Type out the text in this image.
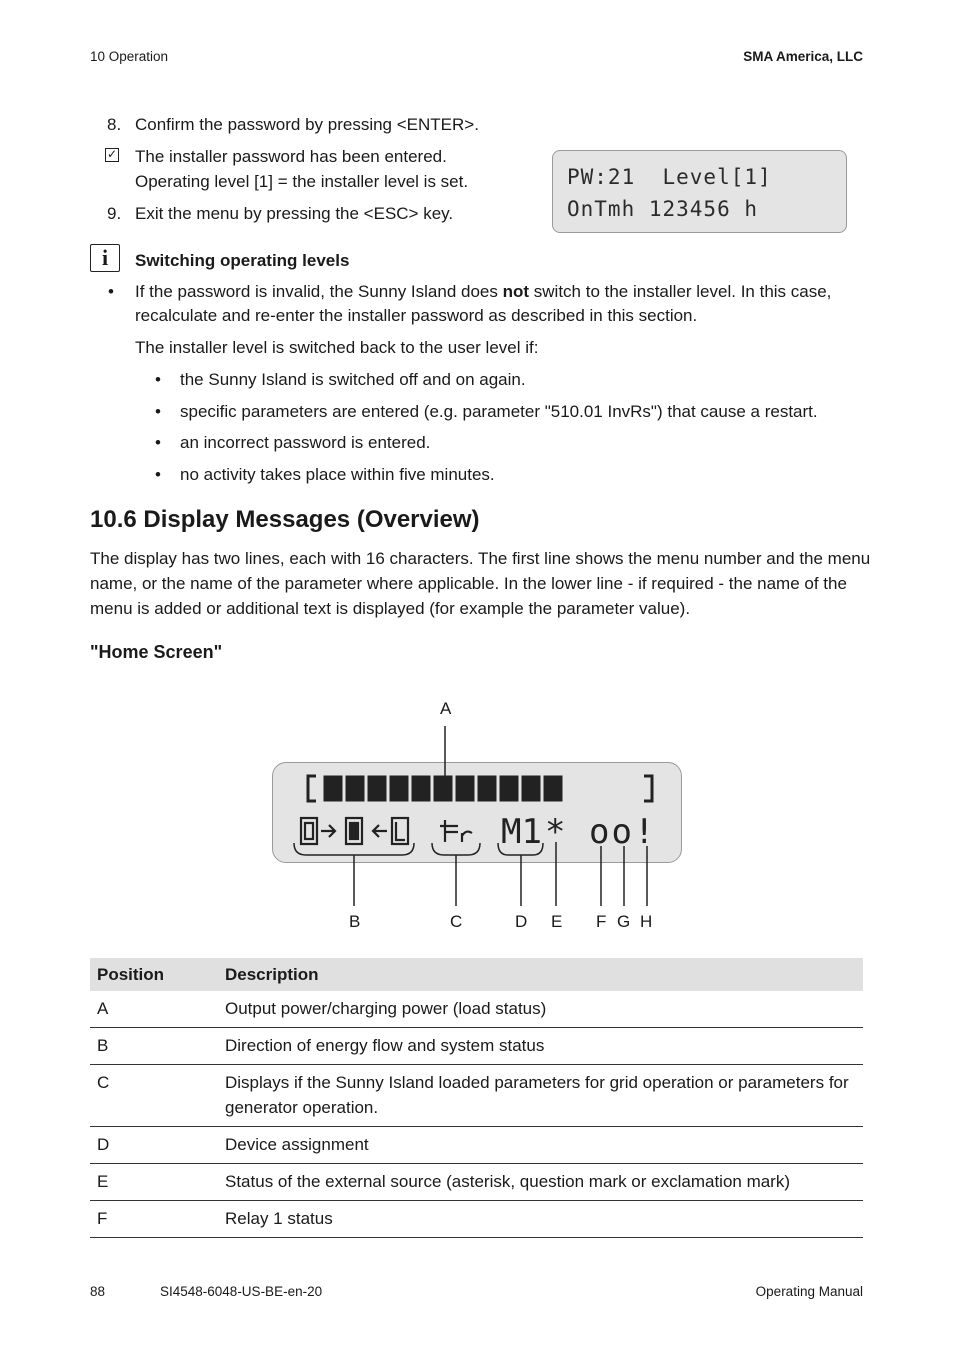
10 Operation	SMA America, LLC
8. Confirm the password by pressing <ENTER>.
✓ The installer password has been entered.
Operating level [1] = the installer level is set.
9. Exit the menu by pressing the <ESC> key.
PW:21  Level[1]
OnTmh 123456 h
i	Switching operating levels
• If the password is invalid, the Sunny Island does not switch to the installer level. In this case,
recalculate and re-enter the installer password as described in this section.
The installer level is switched back to the user level if:
• the Sunny Island is switched off and on again.
• specific parameters are entered (e.g. parameter "510.01 InvRs") that cause a restart.
• an incorrect password is entered.
• no activity takes place within five minutes.
10.6 Display Messages (Overview)
The display has two lines, each with 16 characters. The first line shows the menu number and the menu
name, or the name of the parameter where applicable. In the lower line - if required - the name of the
menu is added or additional text is displayed (for example the parameter value).
"Home Screen"
M1 * oo!
A
B	C	D E F G H
Position	Description
A	Output power/charging power (load status)
B	Direction of energy flow and system status
C	Displays if the Sunny Island loaded parameters for grid operation or parameters for generator operation.
D	Device assignment
E	Status of the external source (asterisk, question mark or exclamation mark)
F	Relay 1 status
88	SI4548-6048-US-BE-en-20	Operating Manual
